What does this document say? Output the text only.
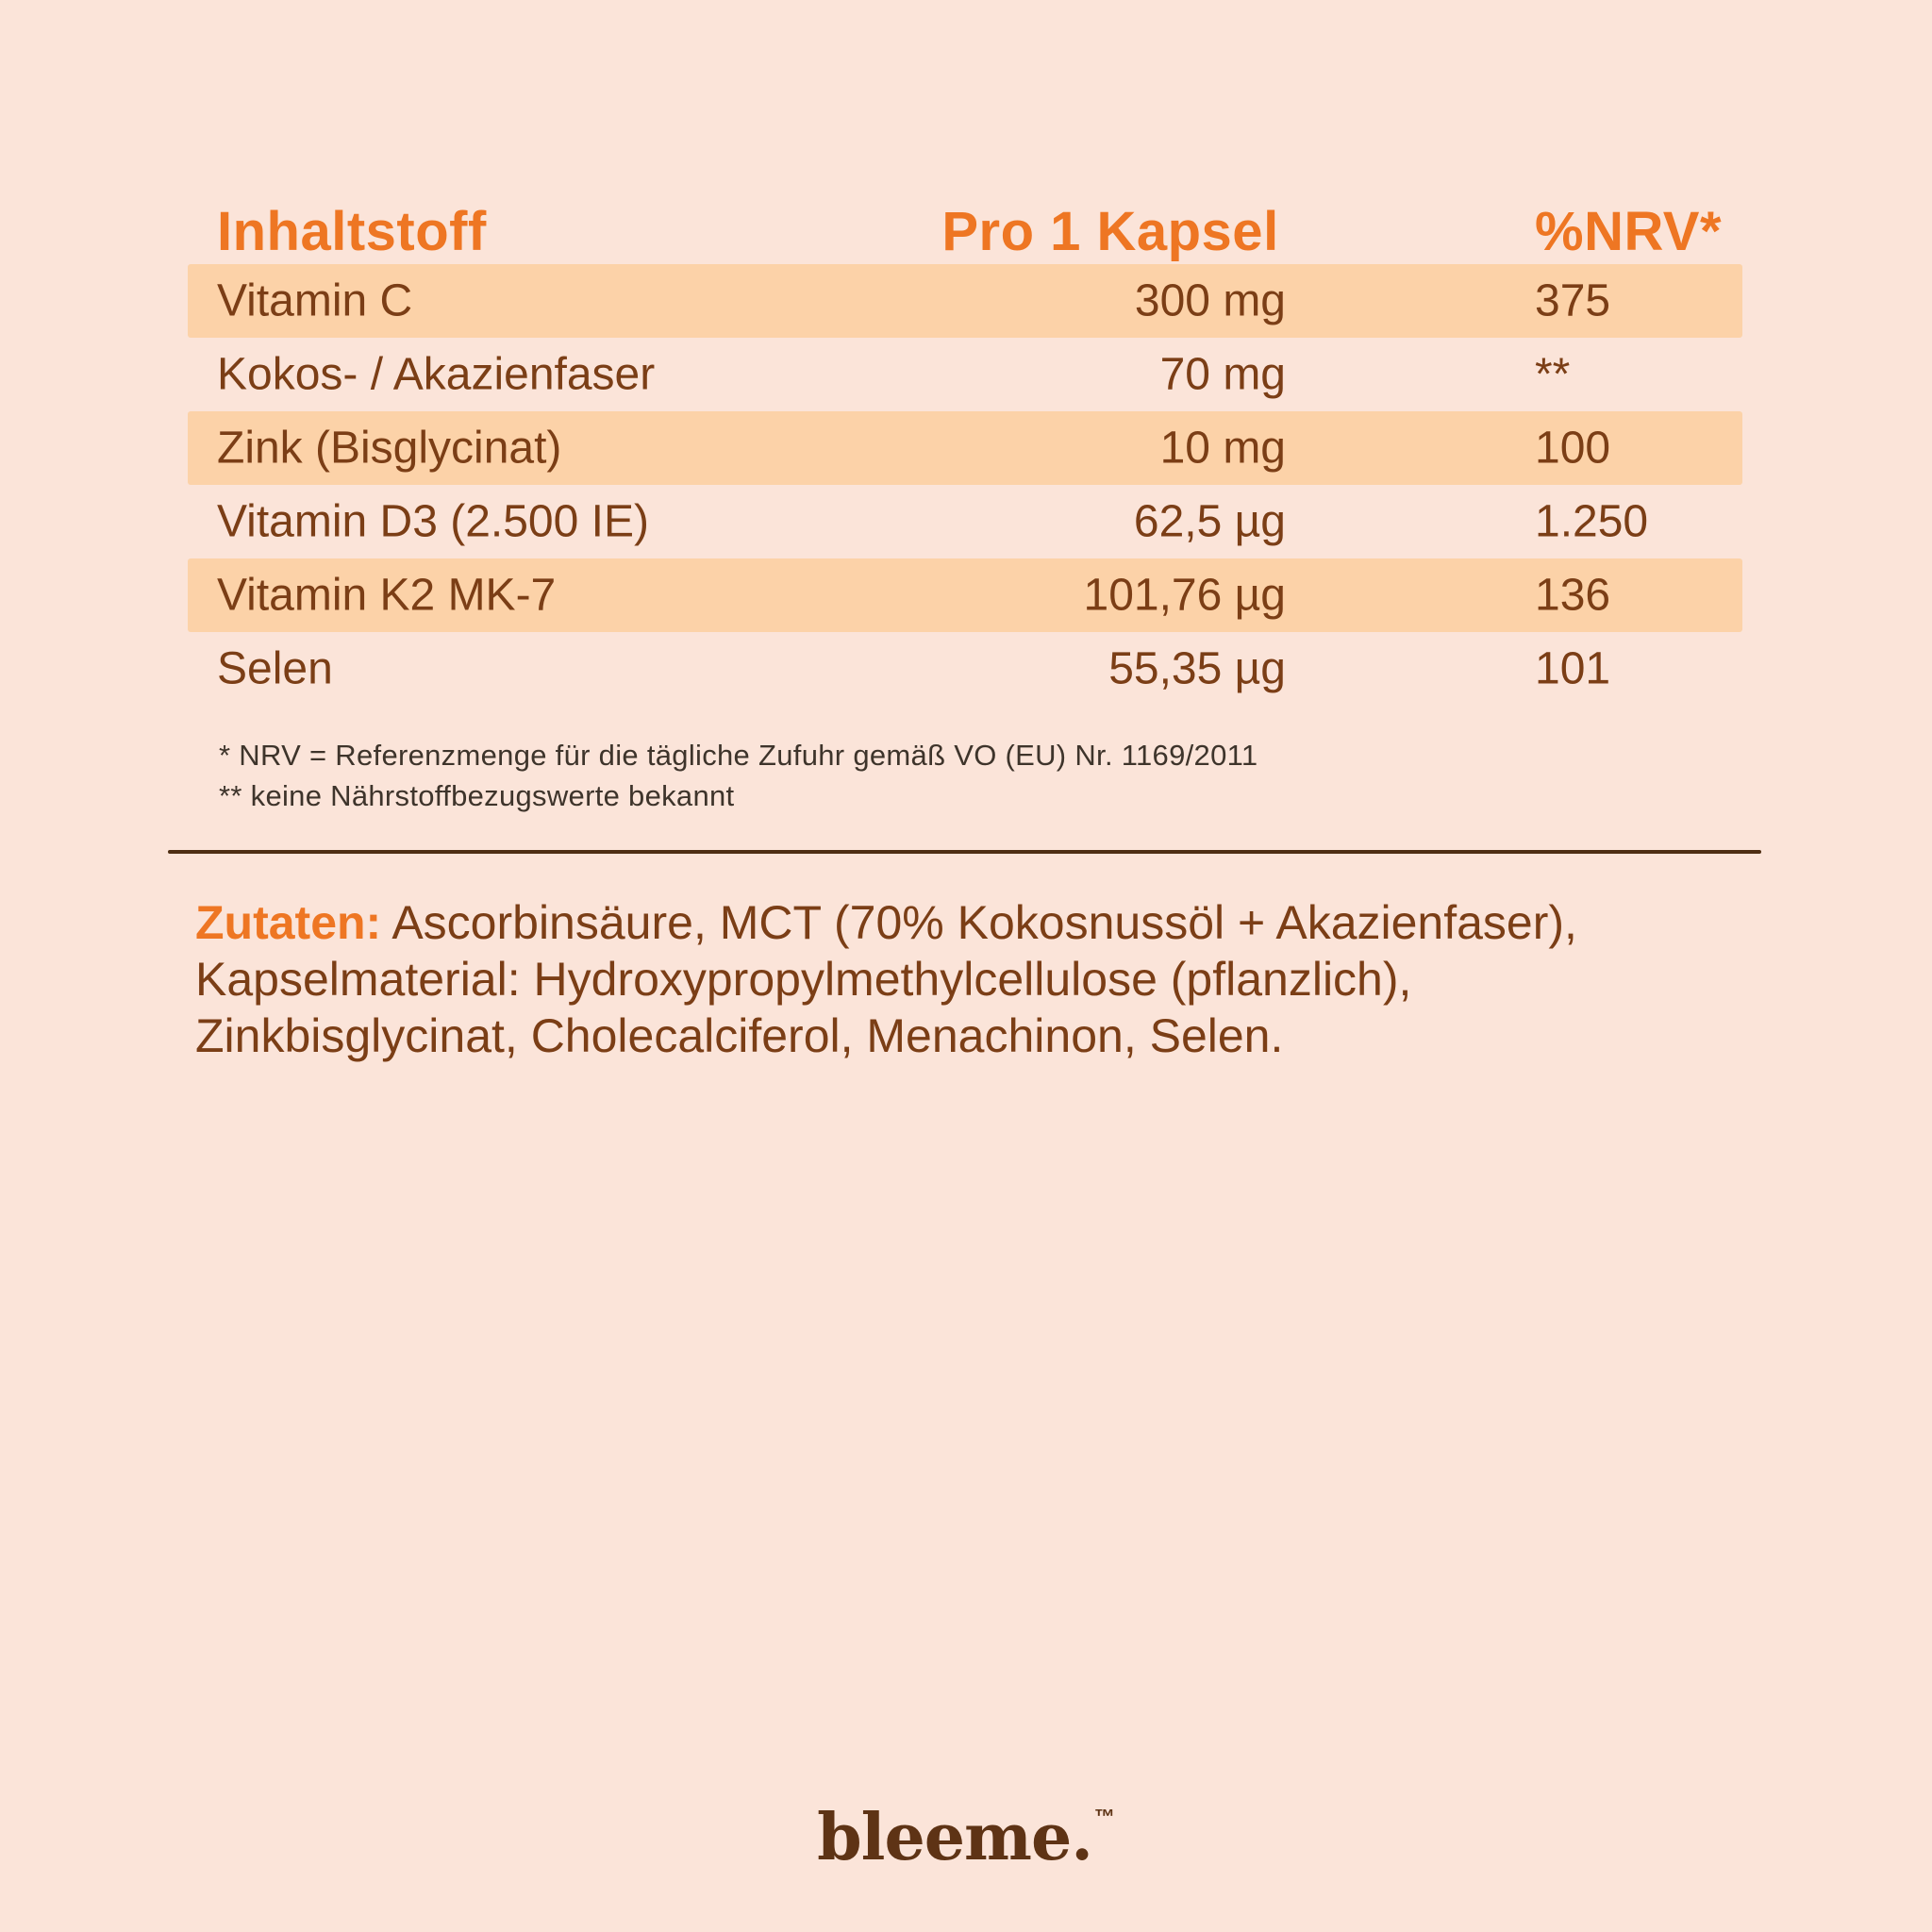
Inhaltstoff	Pro 1 Kapsel	%NRV*
Vitamin C	300 mg	375
Kokos- / Akazienfaser	70 mg	**
Zink (Bisglycinat)	10 mg	100
Vitamin D3 (2.500 IE)	62,5 µg	1.250
Vitamin K2 MK-7	101,76 µg	136
Selen	55,35 µg	101
* NRV = Referenzmenge für die tägliche Zufuhr gemäß VO (EU) Nr. 1169/2011
** keine Nährstoffbezugswerte bekannt
Zutaten: Ascorbinsäure, MCT (70% Kokosnussöl + Akazienfaser),
Kapselmaterial: Hydroxypropylmethylcellulose (pflanzlich),
Zinkbisglycinat, Cholecalciferol, Menachinon, Selen.
bleeme.™
